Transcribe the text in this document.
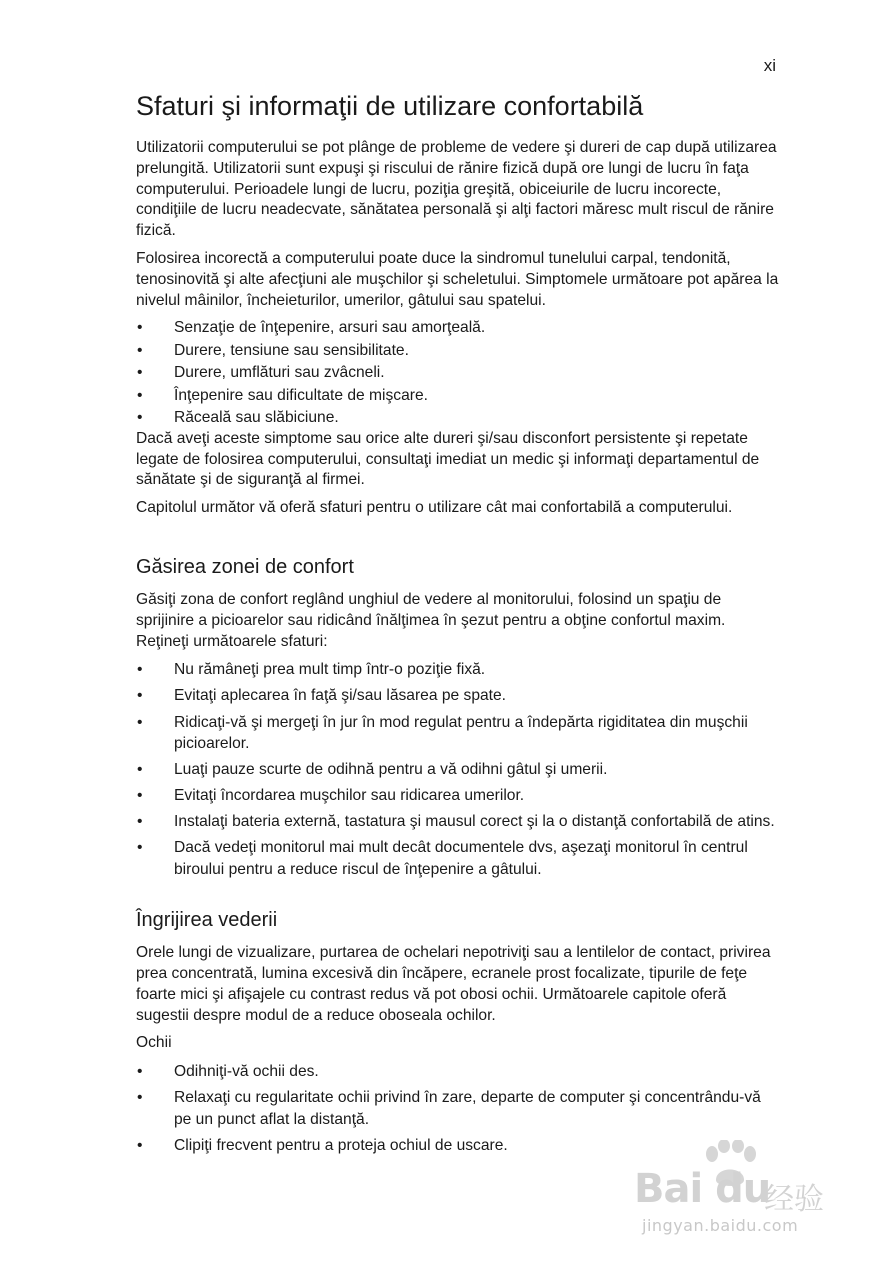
xi
Sfaturi şi informaţii de utilizare confortabilă

Utilizatorii computerului se pot plânge de probleme de vedere şi dureri de cap după utilizarea prelungită. Utilizatorii sunt expuşi şi riscului de rănire fizică după ore lungi de lucru în faţa computerului. Perioadele lungi de lucru, poziţia greşită, obiceiurile de lucru incorecte, condiţiile de lucru neadecvate, sănătatea personală şi alţi factori măresc mult riscul de rănire fizică.

Folosirea incorectă a computerului poate duce la sindromul tunelului carpal, tendonită, tenosinovită şi alte afecţiuni ale muşchilor şi scheletului. Simptomele următoare pot apărea la nivelul mâinilor, încheieturilor, umerilor, gâtului sau spatelui.

• Senzaţie de înţepenire, arsuri sau amorţeală.
• Durere, tensiune sau sensibilitate.
• Durere, umflături sau zvâcneli.
• Înţepenire sau dificultate de mişcare.
• Răceală sau slăbiciune.

Dacă aveţi aceste simptome sau orice alte dureri şi/sau disconfort persistente şi repetate legate de folosirea computerului, consultaţi imediat un medic şi informaţi departamentul de sănătate şi de siguranţă al firmei.

Capitolul următor vă oferă sfaturi pentru o utilizare cât mai confortabilă a computerului.

Găsirea zonei de confort

Găsiţi zona de confort reglând unghiul de vedere al monitorului, folosind un spaţiu de sprijinire a picioarelor sau ridicând înălţimea în şezut pentru a obţine confortul maxim. Reţineţi următoarele sfaturi:

• Nu rămâneţi prea mult timp într-o poziţie fixă.
• Evitaţi aplecarea în faţă şi/sau lăsarea pe spate.
• Ridicaţi-vă şi mergeţi în jur în mod regulat pentru a îndepărta rigiditatea din muşchii picioarelor.
• Luaţi pauze scurte de odihnă pentru a vă odihni gâtul şi umerii.
• Evitaţi încordarea muşchilor sau ridicarea umerilor.
• Instalaţi bateria externă, tastatura şi mausul corect şi la o distanţă confortabilă de atins.
• Dacă vedeţi monitorul mai mult decât documentele dvs, aşezaţi monitorul în centrul biroului pentru a reduce riscul de înţepenire a gâtului.
Îngrijirea vederii

Orele lungi de vizualizare, purtarea de ochelari nepotriviţi sau a lentilelor de contact, privirea prea concentrată, lumina excesivă din încăpere, ecranele prost focalizate, tipurile de feţe foarte mici şi afişajele cu contrast redus vă pot obosi ochii. Următoarele capitole oferă sugestii despre modul de a reduce oboseala ochilor.

Ochii

• Odihniţi-vă ochii des.
• Relaxaţi cu regularitate ochii privind în zare, departe de computer şi concentrându-vă pe un punct aflat la distanţă.
• Clipiţi frecvent pentru a proteja ochiul de uscare.
Bai du
经验
jingyan.baidu.com
